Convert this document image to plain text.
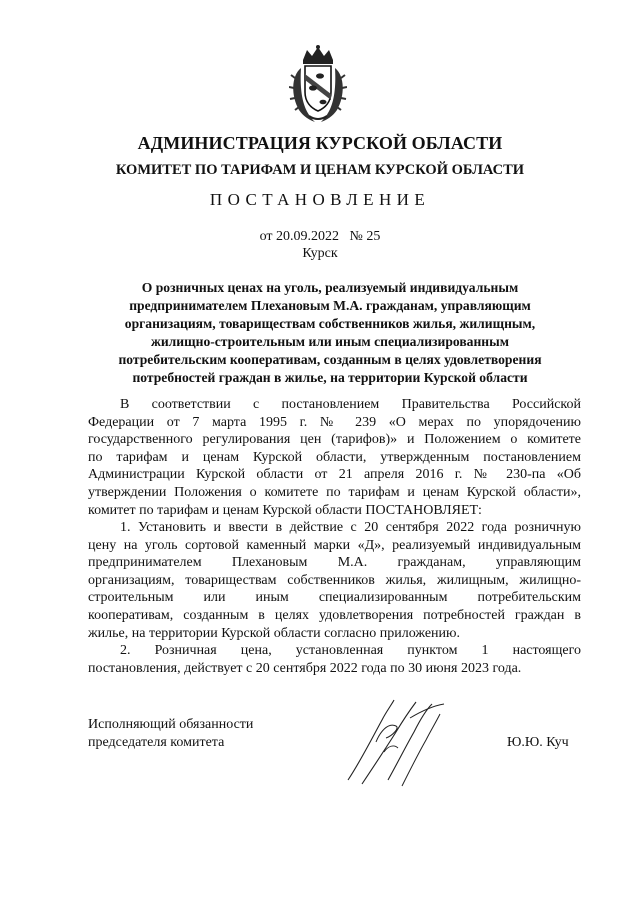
АДМИНИСТРАЦИЯ КУРСКОЙ ОБЛАСТИ
КОМИТЕТ ПО ТАРИФАМ И ЦЕНАМ КУРСКОЙ ОБЛАСТИ
ПОСТАНОВЛЕНИЕ
от 20.09.2022   № 25
Курск
О розничных ценах на уголь, реализуемый индивидуальным
предпринимателем Плехановым М.А. гражданам, управляющим
организациям, товариществам собственников жилья, жилищным,
жилищно-строительным или иным специализированным
потребительским кооперативам, созданным в целях удовлетворения
потребностей граждан в жилье, на территории Курской области
В соответствии с постановлением Правительства Российской
Федерации от 7 марта 1995 г. № 239 «О мерах по упорядочению
государственного регулирования цен (тарифов)» и Положением о комитете
по тарифам и ценам Курской области, утвержденным постановлением
Администрации Курской области от 21 апреля 2016 г. № 230-па «Об
утверждении Положения о комитете по тарифам и ценам Курской области»,
комитет по тарифам и ценам Курской области ПОСТАНОВЛЯЕТ:
1. Установить и ввести в действие с 20 сентября 2022 года розничную
цену на уголь сортовой каменный марки «Д», реализуемый индивидуальным
предпринимателем Плехановым М.А. гражданам, управляющим
организациям, товариществам собственников жилья, жилищным, жилищно-
строительным или иным специализированным потребительским
кооперативам, созданным в целях удовлетворения потребностей граждан в
жилье, на территории Курской области согласно приложению.
2. Розничная цена, установленная пунктом 1 настоящего
постановления, действует с 20 сентября 2022 года по 30 июня 2023 года.
Исполняющий обязанности
председателя комитета	Ю.Ю. Куч
